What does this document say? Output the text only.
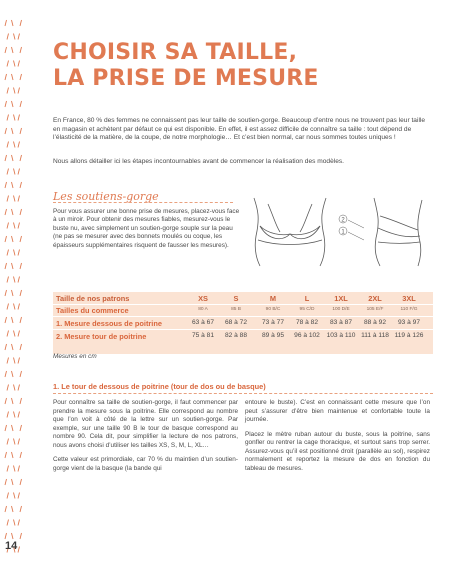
CHOISIR SA TAILLE,
LA PRISE DE MESURE

En France, 80 % des femmes ne connaissent pas leur taille de soutien-gorge. Beaucoup d’entre nous ne trouvent pas leur taille en magasin et achètent par défaut ce qui est disponible. En effet, il est assez difficile de connaître sa taille : tout dépend de l’élasticité de la matière, de la coupe, de notre morphologie… Et c’est bien normal, car nous sommes toutes uniques !

Nous allons détailler ici les étapes incontournables avant de commencer la réalisation des modèles.

Les soutiens-gorge

Pour vous assurer une bonne prise de mesures, placez-vous face à un miroir. Pour obtenir des mesures fiables, mesurez-vous le buste nu, avec simplement un soutien-gorge souple sur la peau (ne pas se mesurer avec des bonnets moulés ou coque, les épaisseurs supplémentaires risquent de fausser les mesures).

2
1
Taille de nos patrons	XS	S	M	L	1XL	2XL	3XL
Tailles du commerce	80 A	85 B	90 B/C	95 C/D	100 D/E	105 E/F	110 F/G
1. Mesure dessous de poitrine	63 à 67	68 à 72	73 à 77	78 à 82	83 à 87	88 à 92	93 à 97
2. Mesure tour de poitrine	75 à 81	82 à 88	89 à 95	96 à 102	103 à 110 111 à 118 119 à 126
Mesures en cm
1. Le tour de dessous de poitrine (tour de dos ou de basque)
Pour connaître sa taille de soutien-gorge, il faut commencer par prendre la mesure sous la poitrine. Elle correspond au nombre que l’on voit à côté de la lettre sur un soutien-gorge. Par exemple, sur une taille 90 B le tour de basque correspond au nombre 90. Cela dit, pour simplifier la lecture de nos patrons, nous avons choisi d’utiliser les tailles XS, S, M, L, XL…
Cette valeur est primordiale, car 70 % du maintien d’un soutien-gorge vient de la basque (la bande qui
entoure le buste). C’est en connaissant cette mesure que l’on peut s’assurer d’être bien maintenue et confortable toute la journée.
Placez le mètre ruban autour du buste, sous la poitrine, sans gonfler ou rentrer la cage thoracique, et surtout sans trop serrer. Assurez-vous qu’il est positionné droit (parallèle au sol), respirez normalement et reportez la mesure de dos en fonction du tableau de mesures.
14
